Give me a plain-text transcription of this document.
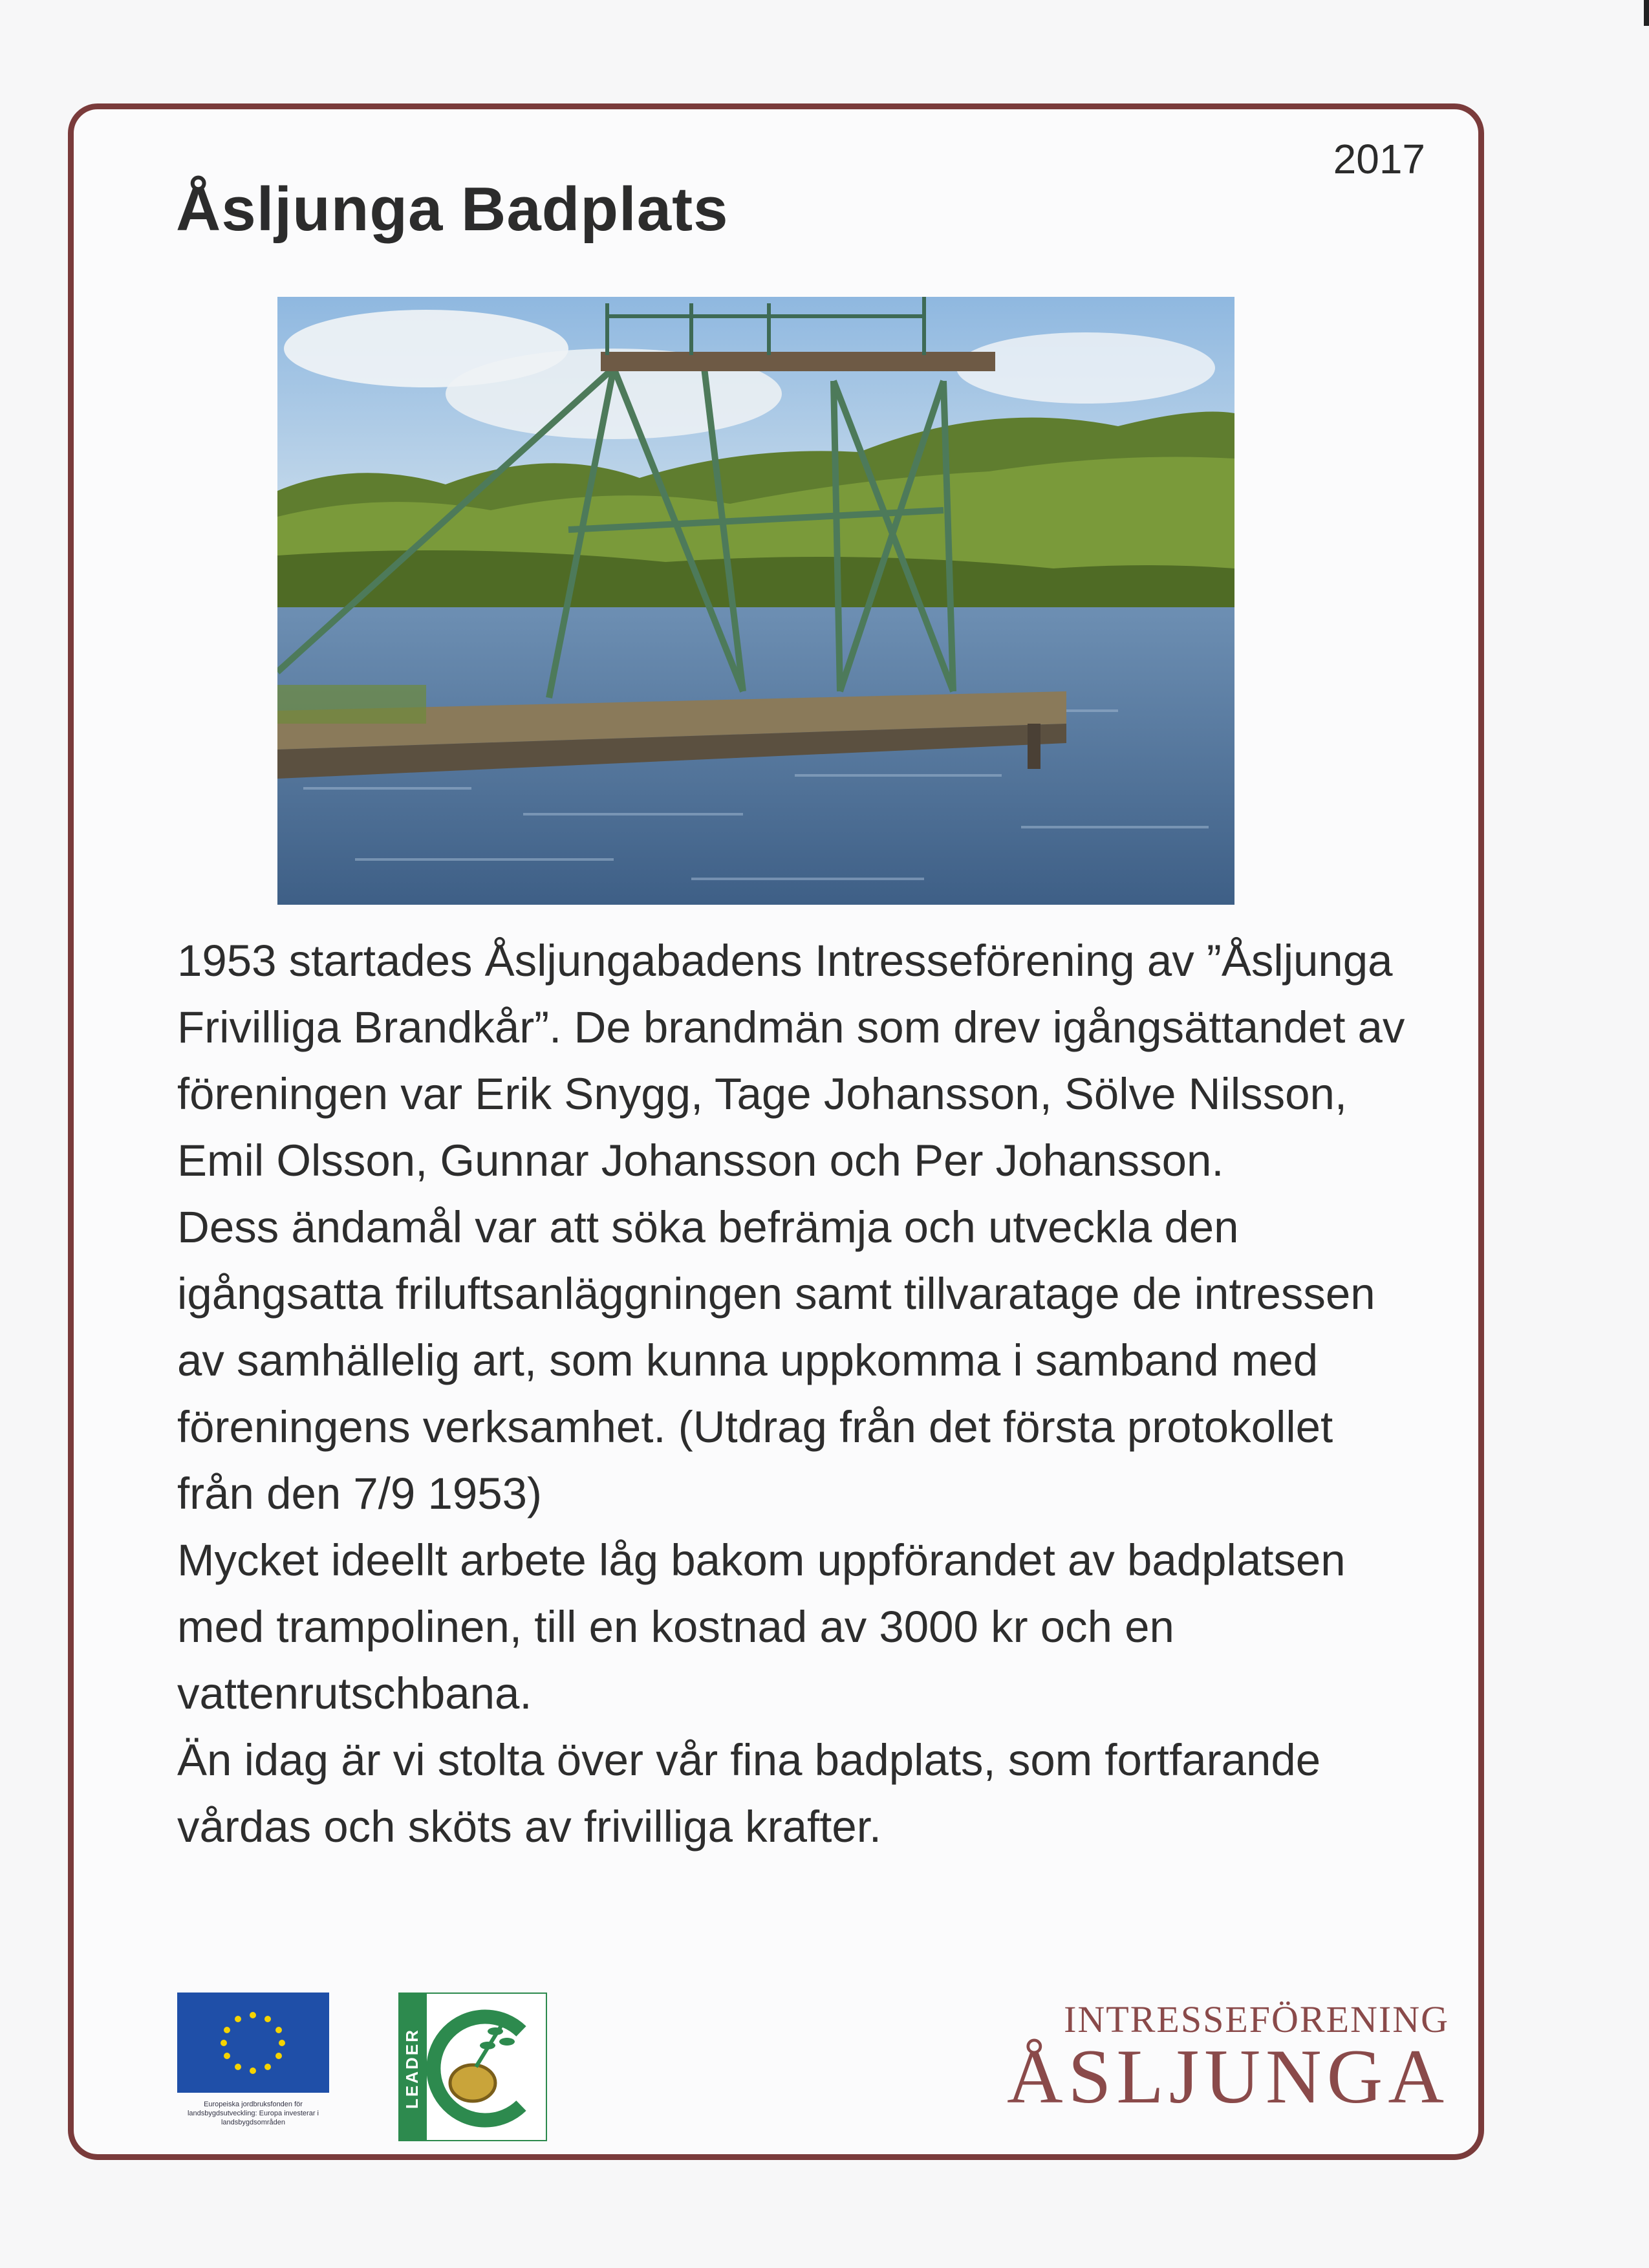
2017
Åsljunga Badplats

1953 startades Åsljungabadens Intresseförening av ”Åsljunga Frivilliga Brandkår”. De brandmän som drev igångsättandet av föreningen var Erik Snygg, Tage Johansson, Sölve Nilsson, Emil Olsson, Gunnar Johansson och Per Johansson.

Dess ändamål var att söka befrämja och utveckla den igångsatta friluftsanläggningen samt tillvaratage de intressen av samhällelig art, som kunna uppkomma i samband med föreningens verksamhet. (Utdrag från det första protokollet från den 7/9 1953)

Mycket ideellt arbete låg bakom uppförandet av badplatsen med trampolinen, till en kostnad av 3000 kr och en vattenrutschbana.

Än idag är vi stolta över vår fina badplats, som fortfarande vårdas och sköts av frivilliga krafter.

Europeiska jordbruksfonden för landsbygdsutveckling: Europa investerar i landsbygdsområden
LEADER
INTRESSEFÖRENING
ÅSLJUNGA
